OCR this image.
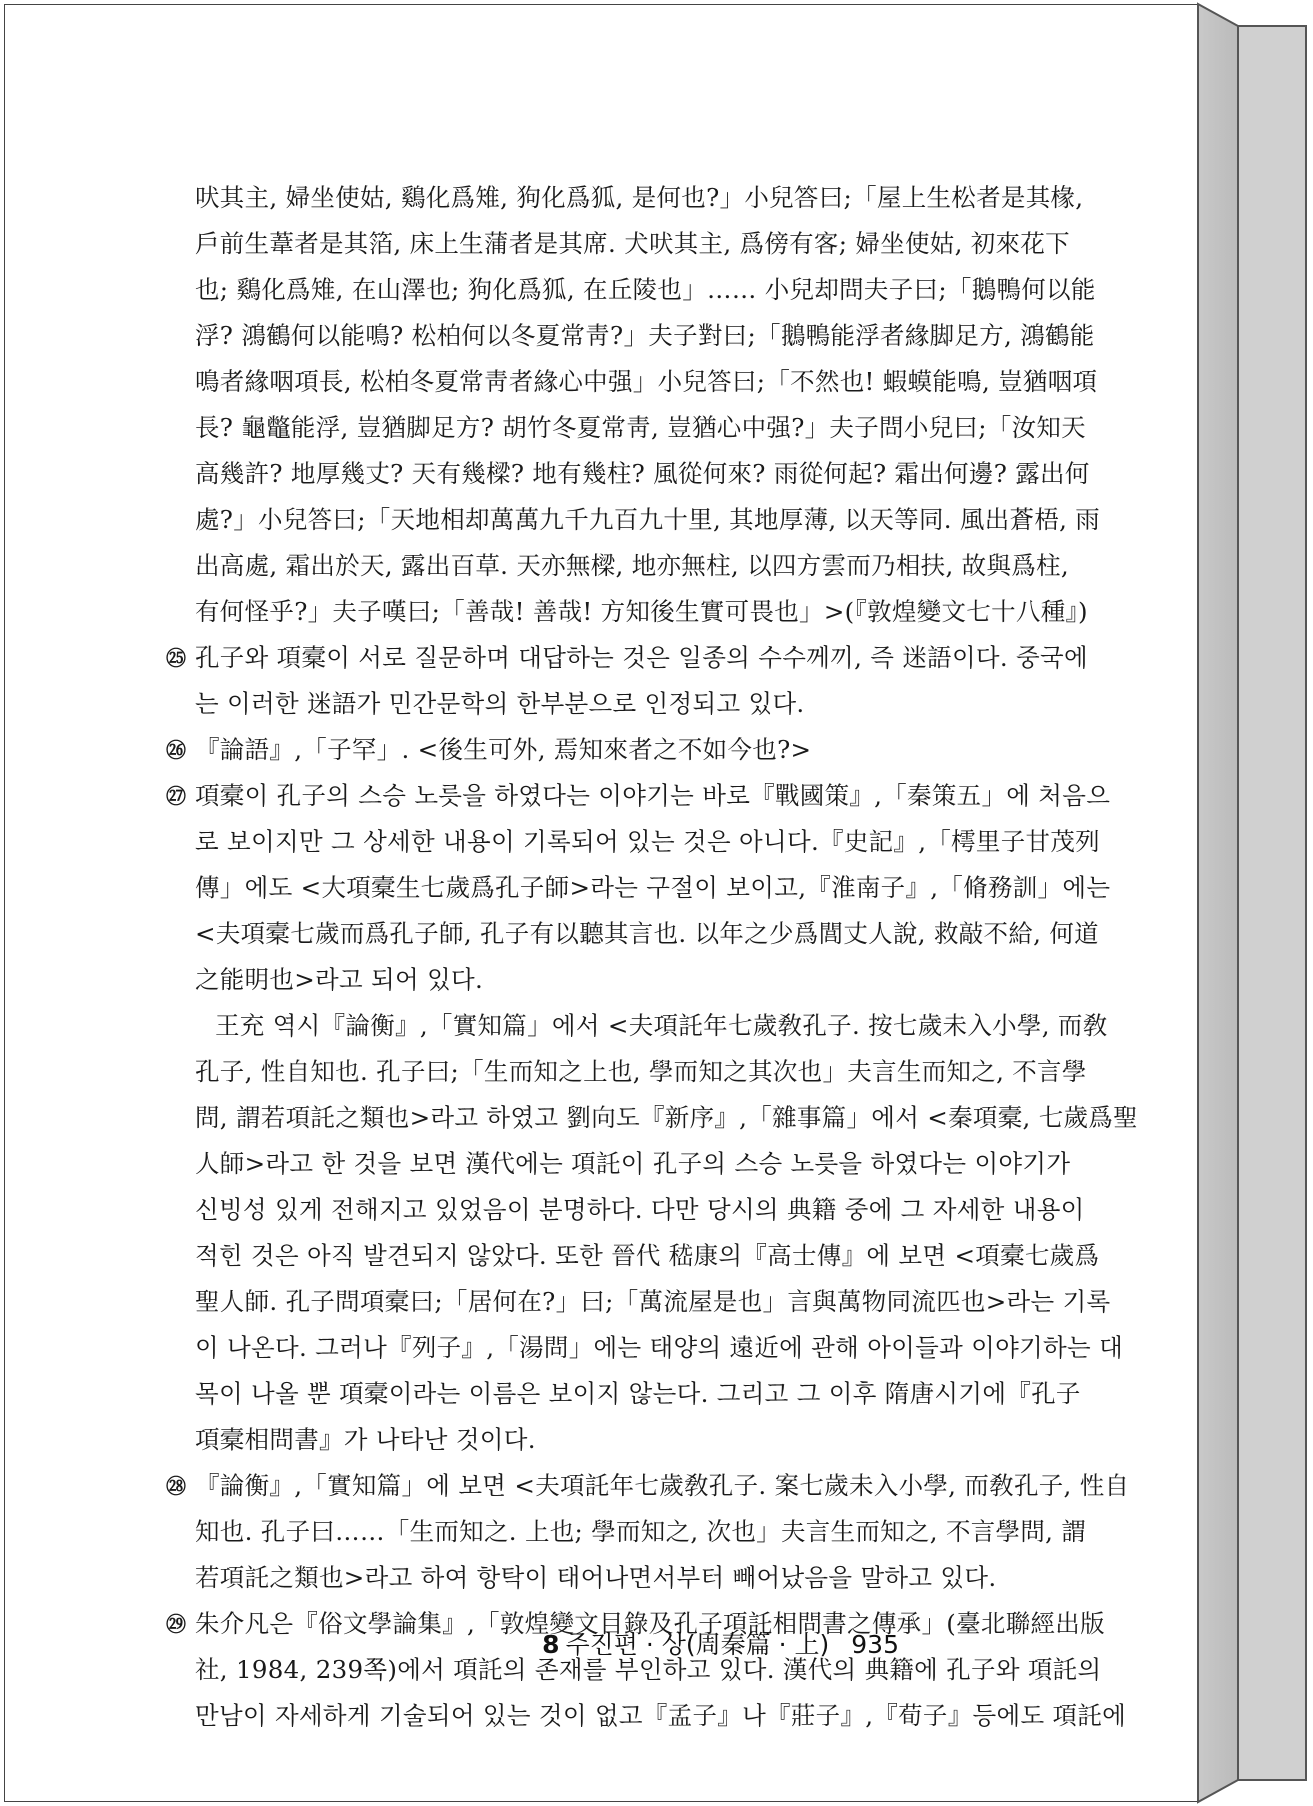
吠其主, 婦坐使姑, 鷄化爲雉, 狗化爲狐, 是何也?」小兒答曰;「屋上生松者是其椽,
戶前生葦者是其箔, 床上生蒲者是其席. 犬吠其主, 爲傍有客; 婦坐使姑, 初來花下
也; 鷄化爲雉, 在山澤也; 狗化爲狐, 在丘陵也」…… 小兒却問夫子曰;「鵝鴨何以能
浮? 鴻鶴何以能鳴? 松柏何以冬夏常靑?」夫子對曰;「鵝鴨能浮者緣脚足方, 鴻鶴能
鳴者緣咽項長, 松柏冬夏常靑者緣心中强」小兒答曰;「不然也! 蝦蟆能鳴, 豈猶咽項
長? 龜鼈能浮, 豈猶脚足方? 胡竹冬夏常靑, 豈猶心中强?」夫子問小兒曰;「汝知天
高幾許? 地厚幾丈? 天有幾樑? 地有幾柱? 風從何來? 雨從何起? 霜出何邊? 露出何
處?」小兒答曰;「天地相却萬萬九千九百九十里, 其地厚薄, 以天等同. 風出蒼梧, 雨
出高處, 霜出於天, 露出百草. 天亦無樑, 地亦無柱, 以四方雲而乃相扶, 故與爲柱,
有何怪乎?」夫子嘆曰;「善哉! 善哉! 方知後生實可畏也」>(『敦煌變文七十八種』)
㉕ 孔子와 項槖이 서로 질문하며 대답하는 것은 일종의 수수께끼, 즉 迷語이다. 중국에
는 이러한 迷語가 민간문학의 한부분으로 인정되고 있다.
㉖ 『論語』,「子罕」. <後生可外, 焉知來者之不如今也?>
㉗ 項槖이 孔子의 스승 노릇을 하였다는 이야기는 바로『戰國策』,「秦策五」에 처음으
로 보이지만 그 상세한 내용이 기록되어 있는 것은 아니다.『史記』,「樗里子甘茂列
傳」에도 <大項槖生七歲爲孔子師>라는 구절이 보이고,『淮南子』,「脩務訓」에는
<夫項槖七歲而爲孔子師, 孔子有以聽其言也. 以年之少爲閭丈人說, 救敲不給, 何道
之能明也>라고 되어 있다.
王充 역시『論衡』,「實知篇」에서 <夫項託年七歲敎孔子. 按七歲未入小學, 而敎
孔子, 性自知也. 孔子曰;「生而知之上也, 學而知之其次也」夫言生而知之, 不言學
問, 謂若項託之類也>라고 하였고 劉向도『新序』,「雜事篇」에서 <秦項槖, 七歲爲聖
人師>라고 한 것을 보면 漢代에는 項託이 孔子의 스승 노릇을 하였다는 이야기가
신빙성 있게 전해지고 있었음이 분명하다. 다만 당시의 典籍 중에 그 자세한 내용이
적힌 것은 아직 발견되지 않았다. 또한 晉代 嵇康의『高士傳』에 보면 <項槖七歲爲
聖人師. 孔子問項槖曰;「居何在?」曰;「萬流屋是也」言與萬物同流匹也>라는 기록
이 나온다. 그러나『列子』,「湯問」에는 태양의 遠近에 관해 아이들과 이야기하는 대
목이 나올 뿐 項槖이라는 이름은 보이지 않는다. 그리고 그 이후 隋唐시기에『孔子
項槖相問書』가 나타난 것이다.
㉘ 『論衡』,「實知篇」에 보면 <夫項託年七歲敎孔子. 案七歲未入小學, 而敎孔子, 性自
知也. 孔子曰……「生而知之. 上也; 學而知之, 次也」夫言生而知之, 不言學問, 謂
若項託之類也>라고 하여 항탁이 태어나면서부터 빼어났음을 말하고 있다.
㉙ 朱介凡은『俗文學論集』,「敦煌變文目錄及孔子項託相問書之傳承」(臺北聯經出版
社, 1984, 239쪽)에서 項託의 존재를 부인하고 있다. 漢代의 典籍에 孔子와 項託의
만남이 자세하게 기술되어 있는 것이 없고『孟子』나『莊子』,『荀子』등에도 項託에
8 주진편 · 상(周秦篇 · 上) 935
